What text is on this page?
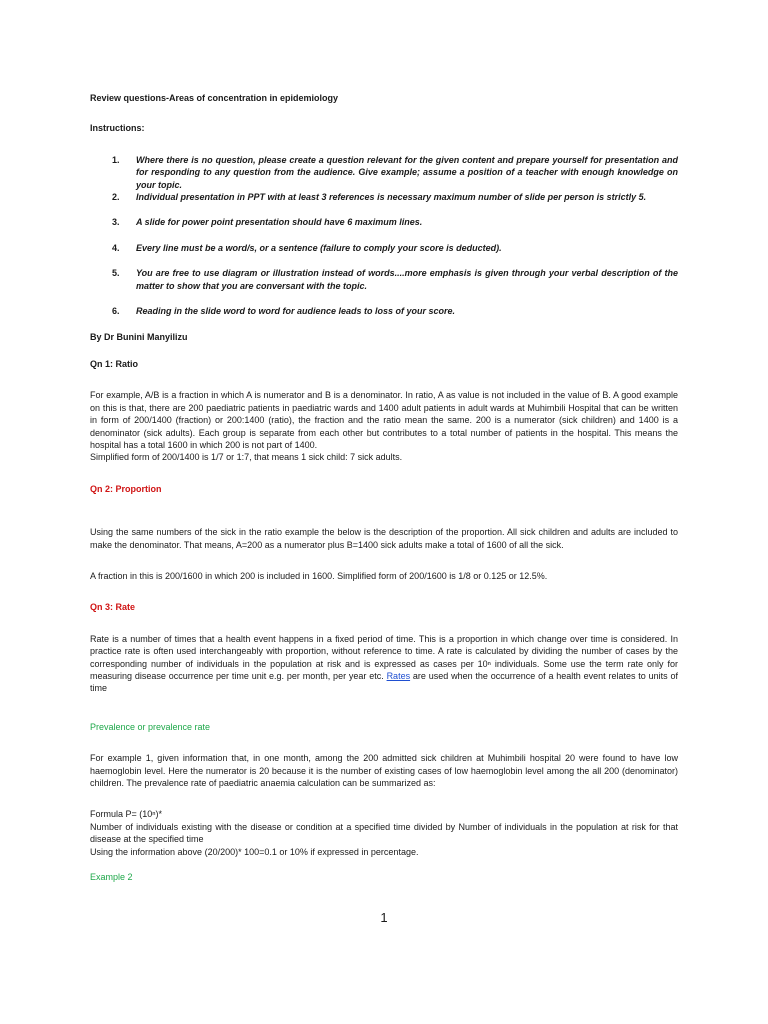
Review questions-Areas of concentration in epidemiology
Instructions:
1. Where there is no question, please create a question relevant for the given content and prepare yourself for presentation and for responding to any question from the audience. Give example; assume a position of a teacher with enough knowledge on your topic.
2. Individual presentation in PPT with at least 3 references is necessary maximum number of slide per person is strictly 5.
3. A slide for power point presentation should have 6 maximum lines.
4. Every line must be a word/s, or a sentence (failure to comply your score is deducted).
5. You are free to use diagram or illustration instead of words....more emphasis is given through your verbal description of the matter to show that you are conversant with the topic.
6. Reading in the slide word to word for audience leads to loss of your score.
By Dr Bunini Manyilizu
Qn 1: Ratio

For example, A/B is a fraction in which A is numerator and B is a denominator. In ratio, A as value is not included in the value of B. A good example on this is that, there are 200 paediatric patients in paediatric wards and 1400 adult patients in adult wards at Muhimbili Hospital that can be written in form of 200/1400 (fraction) or 200:1400 (ratio), the fraction and the ratio mean the same. 200 is a numerator (sick children) and 1400 is a denominator (sick adults). Each group is separate from each other but contributes to a total number of patients in the hospital. This means the hospital has a total 1600 in which 200 is not part of 1400.

Simplified form of 200/1400 is 1/7 or 1:7, that means 1 sick child: 7 sick adults.

Qn 2: Proportion

Using the same numbers of the sick in the ratio example the below is the description of the proportion. All sick children and adults are included to make the denominator. That means, A=200 as a numerator plus B=1400 sick adults make a total of 1600 of all the sick.

A fraction in this is 200/1600 in which 200 is included in 1600. Simplified form of 200/1600 is 1/8 or 0.125 or 12.5%.

Qn 3: Rate

Rate is a number of times that a health event happens in a fixed period of time. This is a proportion in which change over time is considered. In practice rate is often used interchangeably with proportion, without reference to time. A rate is calculated by dividing the number of cases by the corresponding number of individuals in the population at risk and is expressed as cases per 10ⁿ individuals. Some use the term rate only for measuring disease occurrence per time unit e.g. per month, per year etc. Rates are used when the occurrence of a health event relates to units of time

Prevalence or prevalence rate

For example 1, given information that, in one month, among the 200 admitted sick children at Muhimbili hospital 20 were found to have low haemoglobin level. Here the numerator is 20 because it is the number of existing cases of low haemoglobin level among the all 200 (denominator) children. The prevalence rate of paediatric anaemia calculation can be summarized as:

Formula P= (10ⁿ)*

Number of individuals existing with the disease or condition at a specified time divided by Number of individuals in the population at risk for that disease at the specified time

Using the information above (20/200)* 100=0.1 or 10% if expressed in percentage.

Example 2
1
